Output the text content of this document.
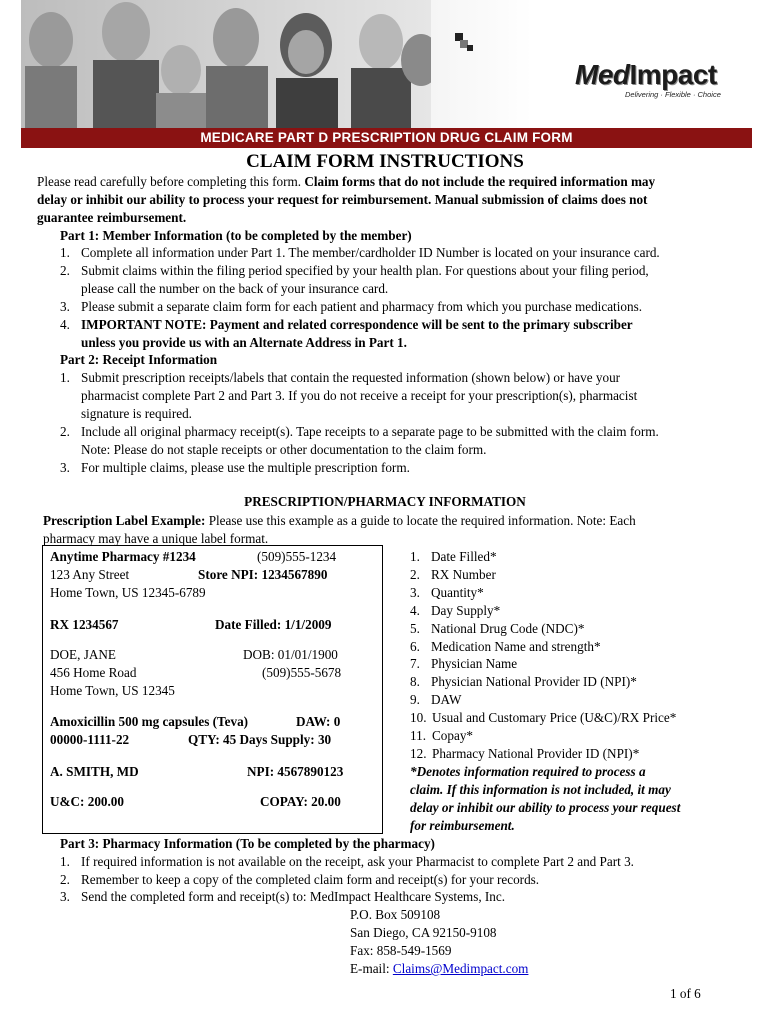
MedImpact
Delivering · Flexible · Choice
MEDICARE PART D PRESCRIPTION DRUG CLAIM FORM
CLAIM FORM INSTRUCTIONS
Please read carefully before completing this form. Claim forms that do not include the required information may
delay or inhibit our ability to process your request for reimbursement. Manual submission of claims does not
guarantee reimbursement.
Part 1: Member Information (to be completed by the member)
1. Complete all information under Part 1. The member/cardholder ID Number is located on your insurance card.
2. Submit claims within the filing period specified by your health plan. For questions about your filing period,
please call the number on the back of your insurance card.
3. Please submit a separate claim form for each patient and pharmacy from which you purchase medications.
4. IMPORTANT NOTE: Payment and related correspondence will be sent to the primary subscriber
unless you provide us with an Alternate Address in Part 1.
Part 2: Receipt Information
1. Submit prescription receipts/labels that contain the requested information (shown below) or have your
pharmacist complete Part 2 and Part 3. If you do not receive a receipt for your prescription(s), pharmacist
signature is required.
2. Include all original pharmacy receipt(s). Tape receipts to a separate page to be submitted with the claim form.
Note: Please do not staple receipts or other documentation to the claim form.
3. For multiple claims, please use the multiple prescription form.
PRESCRIPTION/PHARMACY INFORMATION
Prescription Label Example: Please use this example as a guide to locate the required information. Note: Each
pharmacy may have a unique label format.
Anytime Pharmacy #1234	(509)555-1234
123 Any Street	Store NPI: 1234567890
Home Town, US 12345-6789
RX 1234567	Date Filled: 1/1/2009
DOE, JANE	DOB: 01/01/1900
456 Home Road	(509)555-5678
Home Town, US 12345
Amoxicillin 500 mg capsules (Teva)	DAW: 0
00000-1111-22	QTY: 45 Days Supply: 30
A. SMITH, MD	NPI: 4567890123
U&C: 200.00	COPAY: 20.00
1. Date Filled*
2. RX Number
3. Quantity*
4. Day Supply*
5. National Drug Code (NDC)*
6. Medication Name and strength*
7. Physician Name
8. Physician National Provider ID (NPI)*
9. DAW
10. Usual and Customary Price (U&C)/RX Price*
11. Copay*
12. Pharmacy National Provider ID (NPI)*
*Denotes information required to process a
claim. If this information is not included, it may
delay or inhibit our ability to process your request
for reimbursement.
Part 3: Pharmacy Information (To be completed by the pharmacy)
1. If required information is not available on the receipt, ask your Pharmacist to complete Part 2 and Part 3.
2. Remember to keep a copy of the completed claim form and receipt(s) for your records.
3. Send the completed form and receipt(s) to: MedImpact Healthcare Systems, Inc.
P.O. Box 509108
San Diego, CA 92150-9108
Fax: 858-549-1569
E-mail: Claims@Medimpact.com
1 of 6
